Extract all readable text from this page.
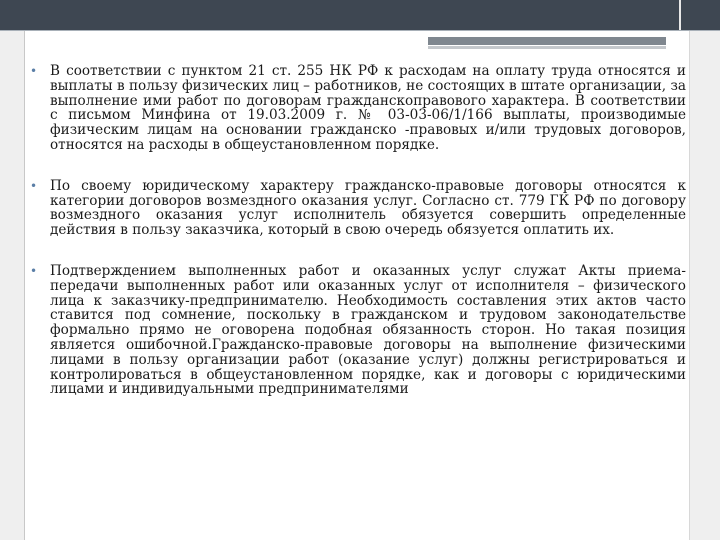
• В соответствии с пунктом 21 ст. 255 НК РФ к расходам на оплату труда относятся и выплаты в пользу физических лиц – работников, не состоящих в штате организации, за выполнение ими работ по договорам гражданскоправового характера. В соответствии с письмом Минфина от 19.03.2009 г. № 03-03-06/1/166 выплаты, производимые физическим лицам на основании гражданско -правовых и/или трудовых договоров, относятся на расходы в общеустановленном порядке.

• По своему юридическому характеру гражданско-правовые договоры относятся к категории договоров возмездного оказания услуг. Согласно ст. 779 ГК РФ по договору возмездного оказания услуг исполнитель обязуется совершить определенные действия в пользу заказчика, который в свою очередь обязуется оплатить их.

• Подтверждением выполненных работ и оказанных услуг служат Акты приема-передачи выполненных работ или оказанных услуг от исполнителя – физического лица к заказчику-предпринимателю. Необходимость составления этих актов часто ставится под сомнение, поскольку в гражданском и трудовом законодательстве формально прямо не оговорена подобная обязанность сторон. Но такая позиция является ошибочной.Гражданско-правовые договоры на выполнение физическими лицами в пользу организации работ (оказание услуг) должны регистрироваться и контролироваться в общеустановленном порядке, как и договоры с юридическими лицами и индивидуальными предпринимателями
